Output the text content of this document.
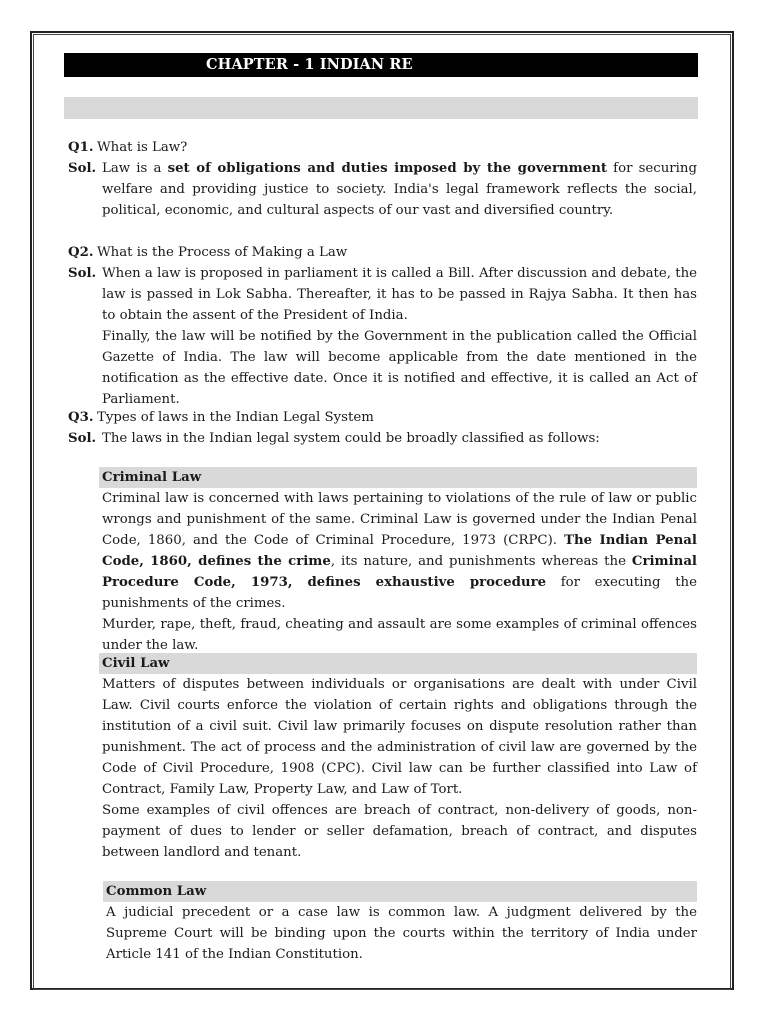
CHAPTER - 1 INDIAN RE
Q1. What is Law?

Sol. Law is a set of obligations and duties imposed by the government for securing welfare and providing justice to society. India's legal framework reflects the social, political, economic, and cultural aspects of our vast and diversified country.

Q2. What is the Process of Making a Law

Sol. When a law is proposed in parliament it is called a Bill. After discussion and debate, the law is passed in Lok Sabha. Thereafter, it has to be passed in Rajya Sabha. It then has to obtain the assent of the President of India.

Finally, the law will be notified by the Government in the publication called the Official Gazette of India. The law will become applicable from the date mentioned in the notification as the effective date. Once it is notified and effective, it is called an Act of Parliament.

Q3. Types of laws in the Indian Legal System
Sol. The laws in the Indian legal system could be broadly classified as follows:
Criminal Law

Criminal law is concerned with laws pertaining to violations of the rule of law or public wrongs and punishment of the same. Criminal Law is governed under the Indian Penal Code, 1860, and the Code of Criminal Procedure, 1973 (CRPC). The Indian Penal Code, 1860, defines the crime, its nature, and punishments whereas the Criminal Procedure Code, 1973, defines exhaustive procedure for executing the punishments of the crimes.

Murder, rape, theft, fraud, cheating and assault are some examples of criminal offences under the law.

Civil Law

Matters of disputes between individuals or organisations are dealt with under Civil Law. Civil courts enforce the violation of certain rights and obligations through the institution of a civil suit. Civil law primarily focuses on dispute resolution rather than punishment. The act of process and the administration of civil law are governed by the Code of Civil Procedure, 1908 (CPC). Civil law can be further classified into Law of Contract, Family Law, Property Law, and Law of Tort.

Some examples of civil offences are breach of contract, non-delivery of goods, non-payment of dues to lender or seller defamation, breach of contract, and disputes between landlord and tenant.

Common Law

A judicial precedent or a case law is common law. A judgment delivered by the Supreme Court will be binding upon the courts within the territory of India under Article 141 of the Indian Constitution.
